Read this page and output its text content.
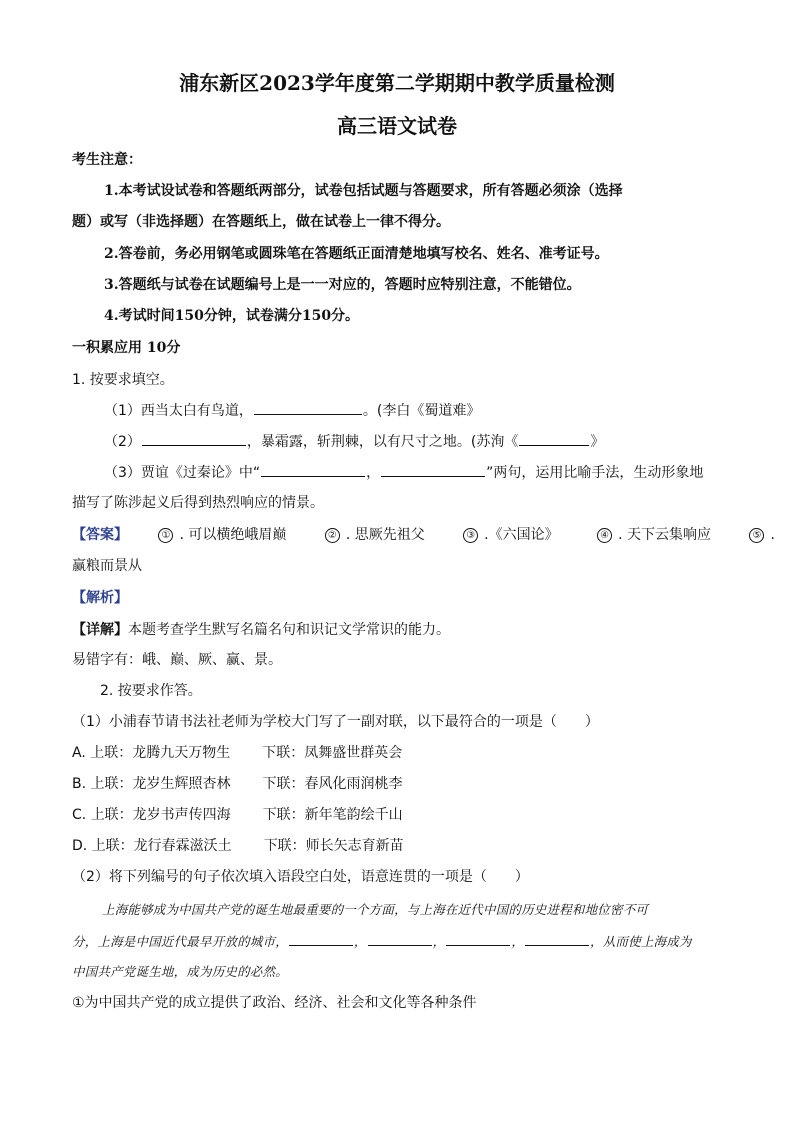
浦东新区2023学年度第二学期期中教学质量检测
高三语文试卷
考生注意：
1.本考试设试卷和答题纸两部分，试卷包括试题与答题要求，所有答题必须涂（选择
题）或写（非选择题）在答题纸上，做在试卷上一律不得分。
2.答卷前，务必用钢笔或圆珠笔在答题纸正面清楚地填写校名、姓名、准考证号。
3.答题纸与试卷在试题编号上是一一对应的，答题时应特别注意，不能错位。
4.考试时间150分钟，试卷满分150分。
一积累应用 10分
1. 按要求填空。
（1）西当太白有鸟道，	。(李白《蜀道难》
（2）	，暴霜露，斩荆棘，以有尺寸之地。(苏洵《	》
（3）贾谊《过秦论》中“	，	”两句，运用比喻手法，生动形象地
描写了陈涉起义后得到热烈响应的情景。
【答案】	① . 可以横绝峨眉巅	② . 思厥先祖父	③ .《六国论》	④ . 天下云集响应	⑤ .
赢粮而景从
【解析】
【详解】本题考查学生默写名篇名句和识记文学常识的能力。
易错字有：峨、巅、厥、赢、景。
2. 按要求作答。
（1）小浦春节请书法社老师为学校大门写了一副对联，以下最符合的一项是（　　）
A. 上联：龙腾九天万物生 下联：凤舞盛世群英会
B. 上联：龙岁生辉照杏林 下联：春风化雨润桃李
C. 上联：龙岁书声传四海 下联：新年笔韵绘千山
D. 上联：龙行春霖滋沃土 下联：师长矢志育新苗
（2）将下列编号的句子依次填入语段空白处，语意连贯的一项是（　　）
上海能够成为中国共产党的诞生地最重要的一个方面，与上海在近代中国的历史进程和地位密不可
分，上海是中国近代最早开放的城市，	，	，	，	，从而使上海成为
中国共产党诞生地，成为历史的必然。
①为中国共产党的成立提供了政治、经济、社会和文化等各种条件
